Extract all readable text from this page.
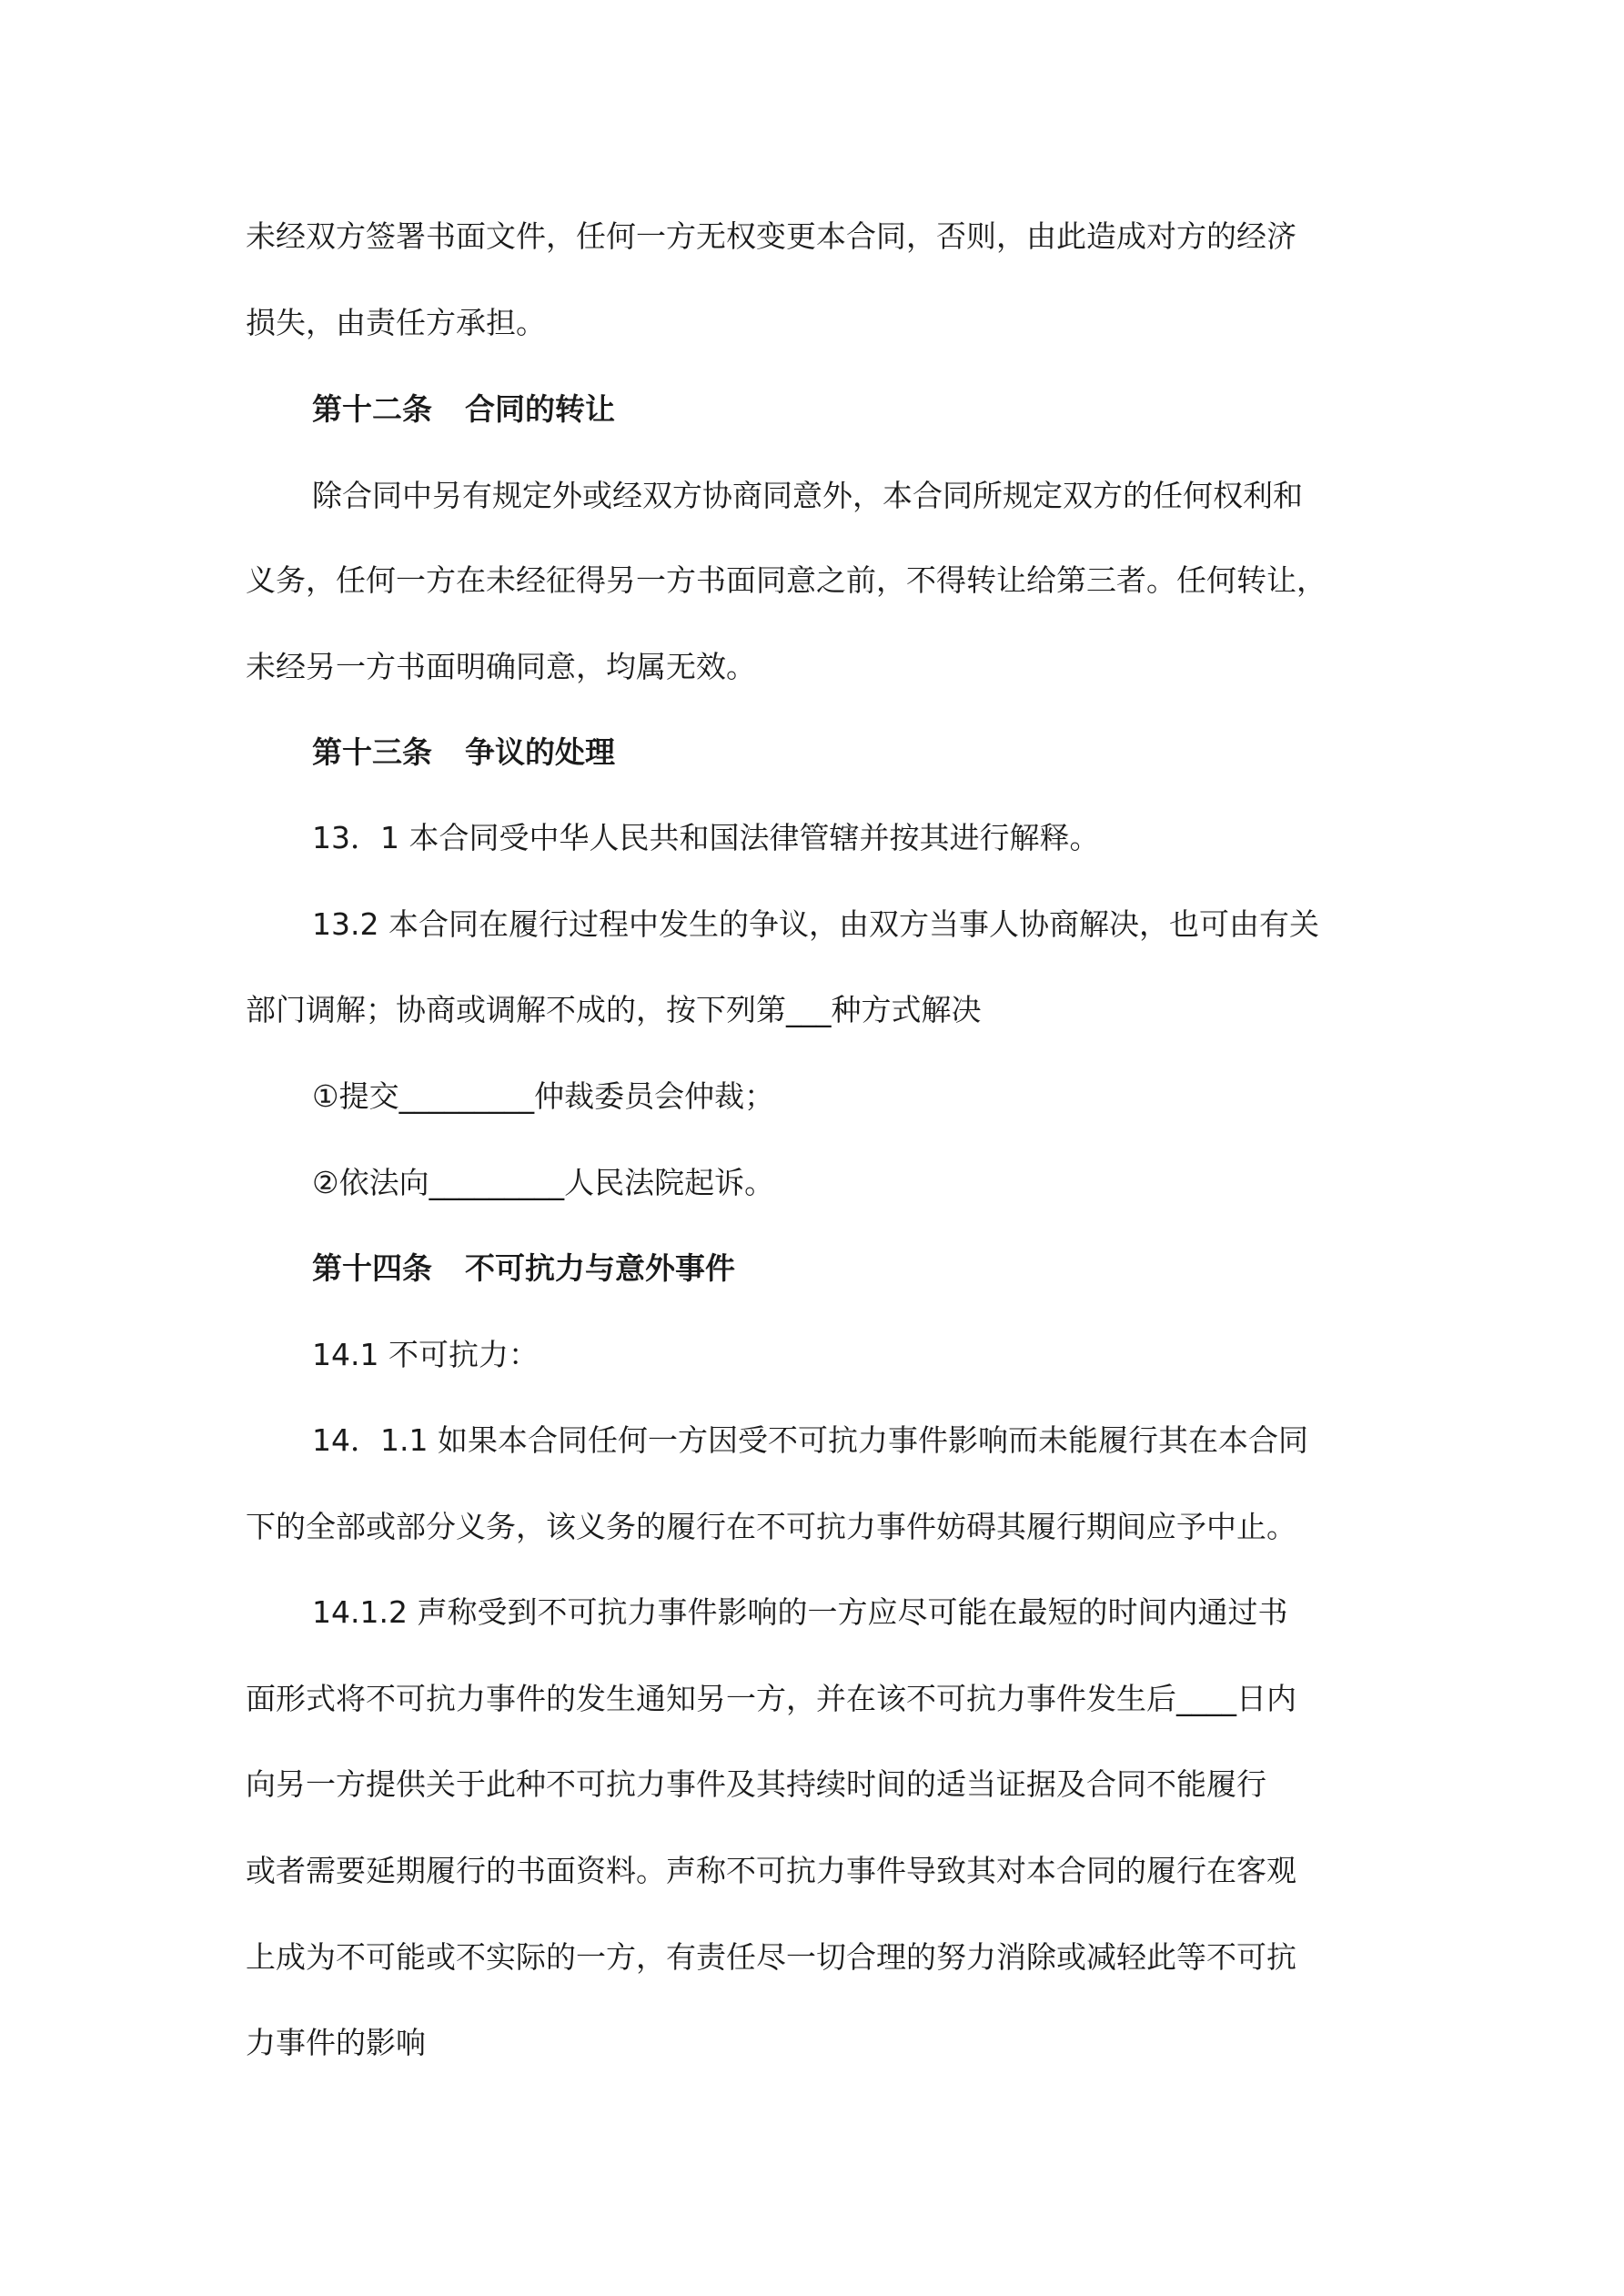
未经双方签署书面文件，任何一方无权变更本合同，否则，由此造成对方的经济
损失，由责任方承担。
第十二条 合同的转让
除合同中另有规定外或经双方协商同意外，本合同所规定双方的任何权利和
义务，任何一方在未经征得另一方书面同意之前，不得转让给第三者。任何转让，
未经另一方书面明确同意，均属无效。
第十三条 争议的处理
13．1 本合同受中华人民共和国法律管辖并按其进行解释。
13.2 本合同在履行过程中发生的争议，由双方当事人协商解决，也可由有关
部门调解；协商或调解不成的，按下列第___种方式解决
①提交_________仲裁委员会仲裁；
②依法向_________人民法院起诉。
第十四条 不可抗力与意外事件
14.1 不可抗力：
14．1.1 如果本合同任何一方因受不可抗力事件影响而未能履行其在本合同
下的全部或部分义务，该义务的履行在不可抗力事件妨碍其履行期间应予中止。
14.1.2 声称受到不可抗力事件影响的一方应尽可能在最短的时间内通过书
面形式将不可抗力事件的发生通知另一方，并在该不可抗力事件发生后____日内
向另一方提供关于此种不可抗力事件及其持续时间的适当证据及合同不能履行
或者需要延期履行的书面资料。声称不可抗力事件导致其对本合同的履行在客观
上成为不可能或不实际的一方，有责任尽一切合理的努力消除或减轻此等不可抗
力事件的影响
